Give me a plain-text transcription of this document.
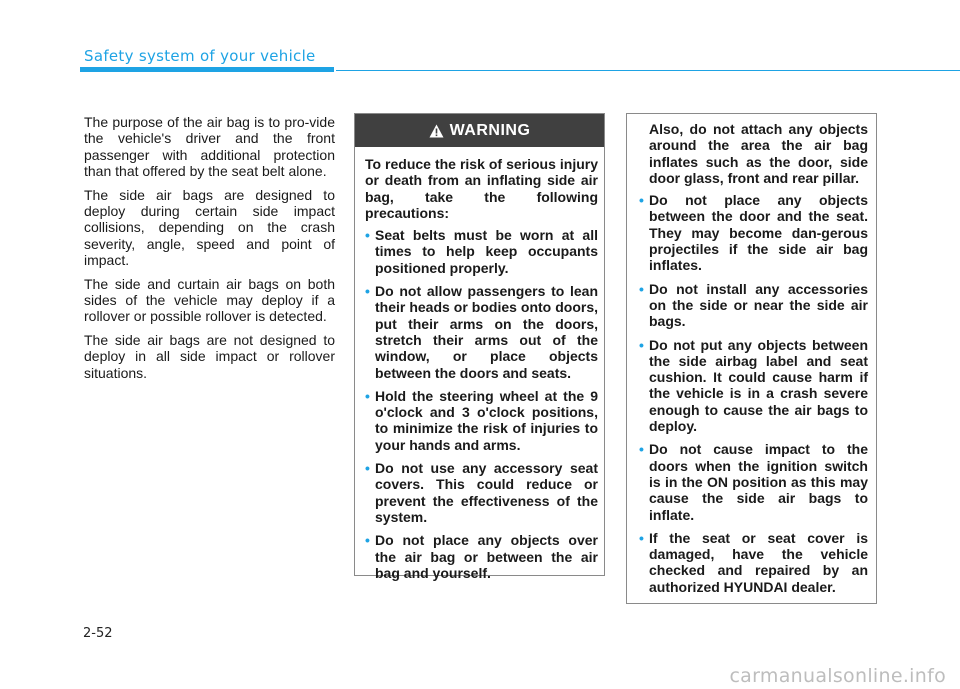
Safety system of your vehicle

The purpose of the air bag is to pro-vide the vehicle's driver and the front passenger with additional protection than that offered by the seat belt alone.

The side air bags are designed to deploy during certain side impact collisions, depending on the crash severity, angle, speed and point of impact.

The side and curtain air bags on both sides of the vehicle may deploy if a rollover or possible rollover is detected.

The side air bags are not designed to deploy in all side impact or rollover situations.

WARNING
To reduce the risk of serious injury or death from an inflating side air bag, take the following precautions:
• Seat belts must be worn at all times to help keep occupants positioned properly.
• Do not allow passengers to lean their heads or bodies onto doors, put their arms on the doors, stretch their arms out of the window, or place objects between the doors and seats.
• Hold the steering wheel at the 9 o'clock and 3 o'clock positions, to minimize the risk of injuries to your hands and arms.
• Do not use any accessory seat covers. This could reduce or prevent the effectiveness of the system.
• Do not place any objects over the air bag or between the air bag and yourself.
Also, do not attach any objects around the area the air bag inflates such as the door, side door glass, front and rear pillar.
• Do not place any objects between the door and the seat. They may become dan-gerous projectiles if the side air bag inflates.
• Do not install any accessories on the side or near the side air bags.
• Do not put any objects between the side airbag label and seat cushion. It could cause harm if the vehicle is in a crash severe enough to cause the air bags to deploy.
• Do not cause impact to the doors when the ignition switch is in the ON position as this may cause the side air bags to inflate.
• If the seat or seat cover is damaged, have the vehicle checked and repaired by an authorized HYUNDAI dealer.
2-52
carmanualsonline.info
